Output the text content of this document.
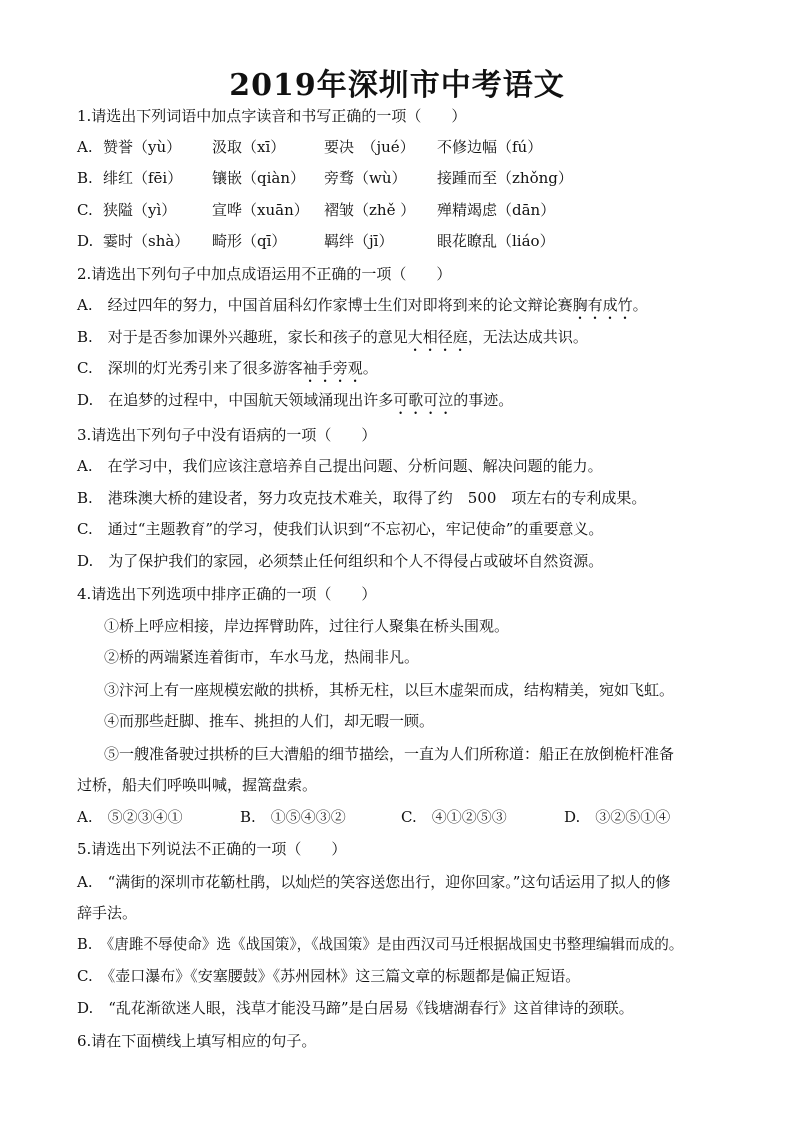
2019年深圳市中考语文
1.请选出下列词语中加点字读音和书写正确的一项（　　）
A. 赞誉（yù） 汲取（xī）	要决　（jué） 不修边幅（fú）
B. 绯红（fēi） 镶嵌（qiàn） 旁骛（wù） 接踵而至（zhǒng）
C. 狭隘（yì） 宣哗（xuān） 褶皱（zhě ） 殚精竭虑（dān）
D. 霎时（shà） 畸形（qī）	羁绊（jī）	眼花瞭乱（liáo）
2.请选出下列句子中加点成语运用不正确的一项（　　）
A.　经过四年的努力，中国首届科幻作家博士生们对即将到来的论文辩论赛胸有成竹。
B.　对于是否参加课外兴趣班，家长和孩子的意见大相径庭，无法达成共识。
C.　深圳的灯光秀引来了很多游客袖手旁观。
D.　在追梦的过程中，中国航天领域涌现出许多可歌可泣的事迹。
3.请选出下列句子中没有语病的一项（　　）
A.　在学习中，我们应该注意培养自己提出问题、分析问题、解决问题的能力。
B.　港珠澳大桥的建设者，努力攻克技术难关，取得了约　500　项左右的专利成果。
C.　通过“主题教育”的学习，使我们认识到“不忘初心，牢记使命”的重要意义。
D.　为了保护我们的家园，必须禁止任何组织和个人不得侵占或破坏自然资源。
4.请选出下列选项中排序正确的一项（　　）
①桥上呼应相接，岸边挥臂助阵，过往行人聚集在桥头围观。
②桥的两端紧连着街市，车水马龙，热闹非凡。
③汴河上有一座规模宏敞的拱桥，其桥无柱，以巨木虚架而成，结构精美，宛如飞虹。
④而那些赶脚、推车、挑担的人们，却无暇一顾。
⑤一艘准备驶过拱桥的巨大漕船的细节描绘，一直为人们所称道：船正在放倒桅杆准备
过桥，船夫们呼唤叫喊，握篙盘索。
A.　⑤②③④①	B.　①⑤④③②	C.　④①②⑤③	D.　③②⑤①④
5.请选出下列说法不正确的一项（　　）
A.　“满街的深圳市花簕杜鹃，以灿烂的笑容送您出行，迎你回家。”这句话运用了拟人的修
辞手法。
B.　《唐雎不辱使命》选《战国策》，《战国策》是由西汉司马迁根据战国史书整理编辑而成的。
C.　《壶口瀑布》《安塞腰鼓》《苏州园林》这三篇文章的标题都是偏正短语。
D.　“乱花渐欲迷人眼，浅草才能没马蹄”是白居易《钱塘湖春行》这首律诗的颈联。
6.请在下面横线上填写相应的句子。
